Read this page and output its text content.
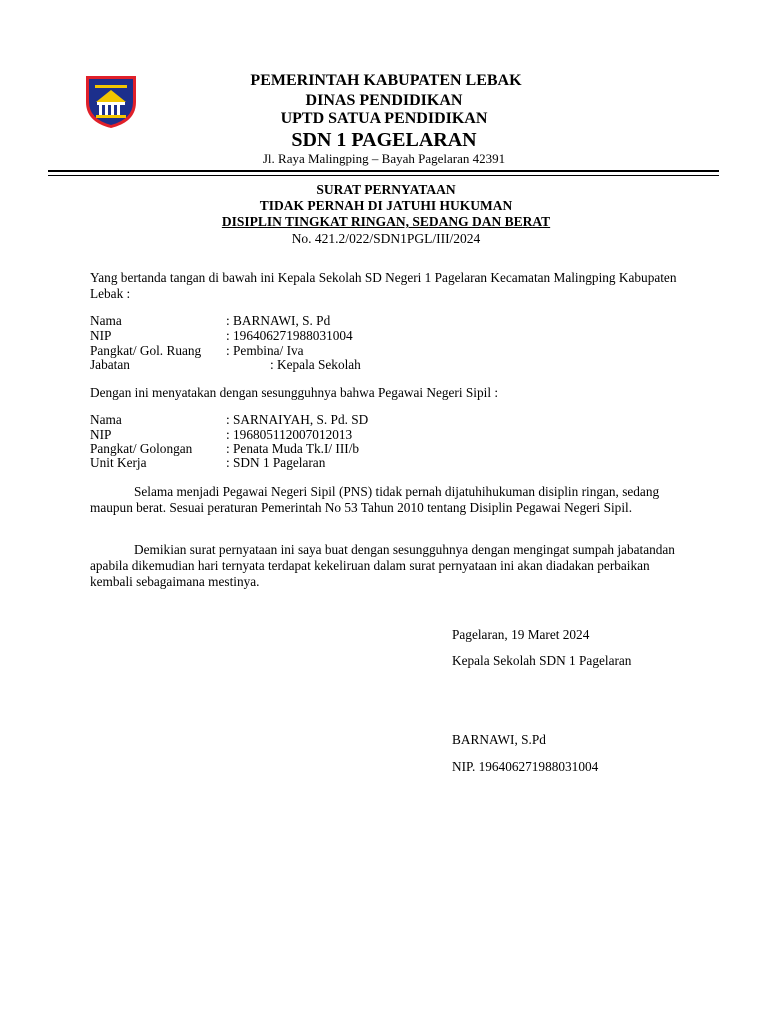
PEMERINTAH KABUPATEN LEBAK
DINAS PENDIDIKAN
UPTD SATUA PENDIDIKAN
SDN 1 PAGELARAN
Jl. Raya Malingping – Bayah Pagelaran 42391
SURAT PERNYATAAN
TIDAK PERNAH DI JATUHI HUKUMAN
DISIPLIN TINGKAT RINGAN, SEDANG DAN BERAT
No. 421.2/022/SDN1PGL/III/2024
Yang bertanda tangan di bawah ini Kepala Sekolah SD Negeri 1 Pagelaran Kecamatan Malingping Kabupaten Lebak :
Nama	: BARNAWI, S. Pd
NIP	: 196406271988031004
Pangkat/ Gol. Ruang : Pembina/ Iva
Jabatan	: Kepala Sekolah
Dengan ini menyatakan dengan sesungguhnya bahwa Pegawai Negeri Sipil :
Nama	: SARNAIYAH, S. Pd. SD
NIP	: 196805112007012013
Pangkat/ Golongan	: Penata Muda Tk.I/ III/b
Unit Kerja	: SDN 1 Pagelaran
Selama menjadi Pegawai Negeri Sipil (PNS) tidak pernah dijatuhihukuman disiplin ringan, sedang maupun berat. Sesuai peraturan Pemerintah No 53 Tahun 2010 tentang Disiplin Pegawai Negeri Sipil.
Demikian surat pernyataan ini saya buat dengan sesungguhnya dengan mengingat sumpah jabatandan apabila dikemudian hari ternyata terdapat kekeliruan dalam surat pernyataan ini akan diadakan perbaikan kembali sebagaimana mestinya.
Pagelaran, 19 Maret 2024
Kepala Sekolah SDN 1 Pagelaran
BARNAWI, S.Pd
NIP. 196406271988031004
